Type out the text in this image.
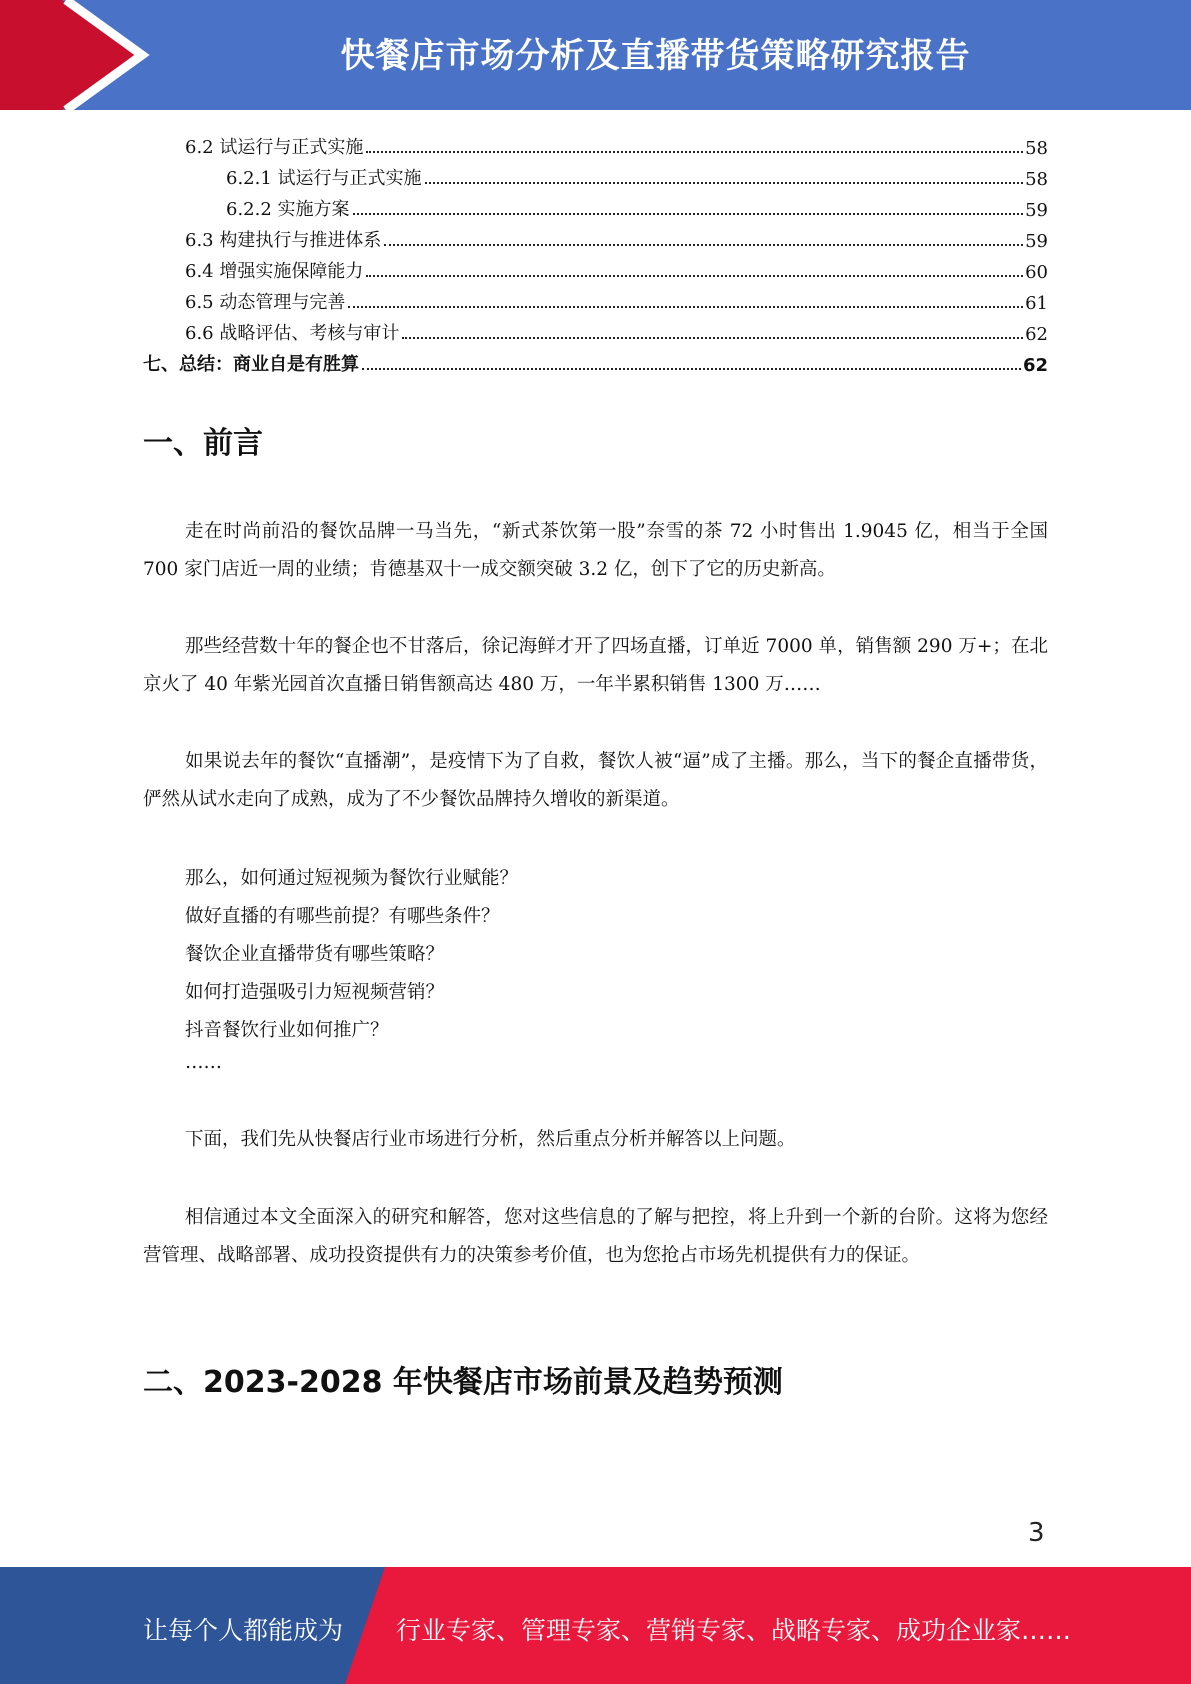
快餐店市场分析及直播带货策略研究报告
6.2 试运行与正式实施	58
6.2.1 试运行与正式实施	58
6.2.2 实施方案	59
6.3 构建执行与推进体系	59
6.4 增强实施保障能力	60
6.5 动态管理与完善	61
6.6 战略评估、考核与审计	62
七、总结：商业自是有胜算	62
一、前言
走在时尚前沿的餐饮品牌一马当先，“新式茶饮第一股”奈雪的茶 72 小时售出 1.9045 亿，相当于全国 700 家门店近一周的业绩；肯德基双十一成交额突破 3.2 亿，创下了它的历史新高。
那些经营数十年的餐企也不甘落后，徐记海鲜才开了四场直播，订单近 7000 单，销售额 290 万+；在北京火了 40 年紫光园首次直播日销售额高达 480 万，一年半累积销售 1300 万……
如果说去年的餐饮“直播潮”，是疫情下为了自救，餐饮人被“逼”成了主播。那么，当下的餐企直播带货，俨然从试水走向了成熟，成为了不少餐饮品牌持久增收的新渠道。
那么，如何通过短视频为餐饮行业赋能？
做好直播的有哪些前提？有哪些条件？
餐饮企业直播带货有哪些策略？
如何打造强吸引力短视频营销？
抖音餐饮行业如何推广？
……
下面，我们先从快餐店行业市场进行分析，然后重点分析并解答以上问题。
相信通过本文全面深入的研究和解答，您对这些信息的了解与把控，将上升到一个新的台阶。这将为您经营管理、战略部署、成功投资提供有力的决策参考价值，也为您抢占市场先机提供有力的保证。
二、2023-2028 年快餐店市场前景及趋势预测
3
让每个人都能成为 行业专家、管理专家、营销专家、战略专家、成功企业家……
